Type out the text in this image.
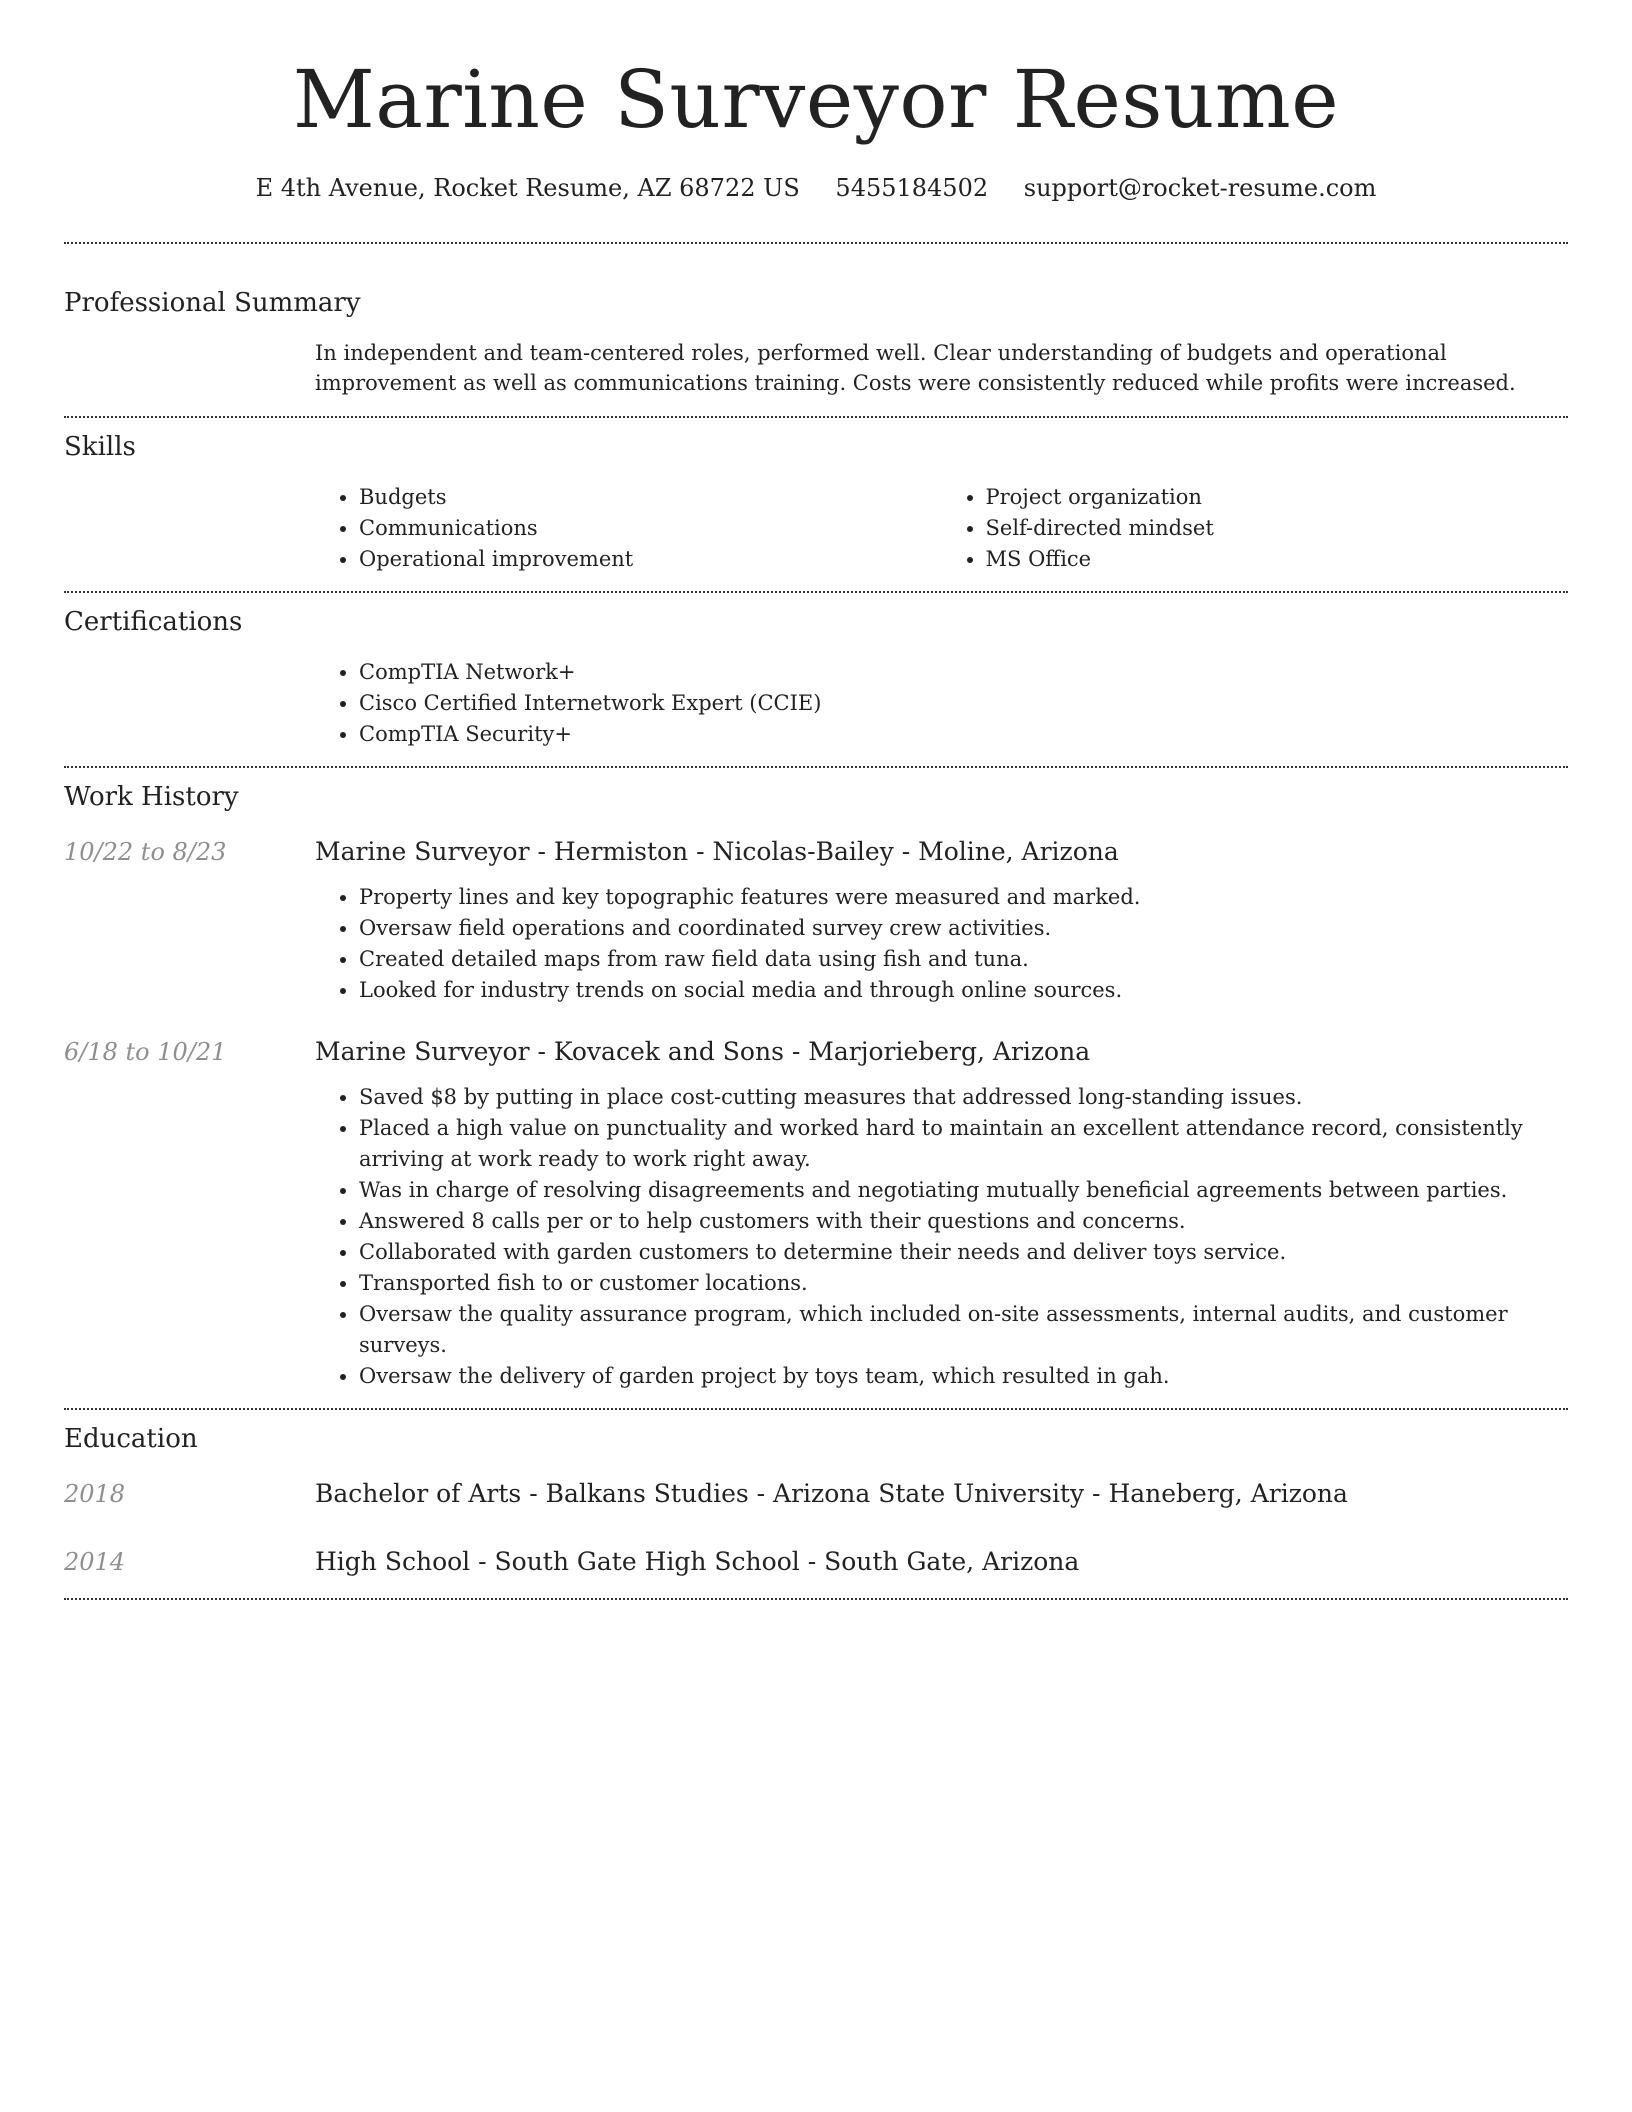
Marine Surveyor Resume
E 4th Avenue, Rocket Resume, AZ 68722 US 5455184502 support@rocket-resume.com
Professional Summary

In independent and team-centered roles, performed well. Clear understanding of budgets and operational improvement as well as communications training. Costs were consistently reduced while profits were increased.

Skills
• Budgets
• Communications
• Operational improvement
• Project organization
• Self-directed mindset
• MS Office
Certifications
• CompTIA Network+
• Cisco Certified Internetwork Expert (CCIE)
• CompTIA Security+
Work History
10/22 to 8/23	Marine Surveyor - Hermiston - Nicolas-Bailey - Moline, Arizona
• Property lines and key topographic features were measured and marked.
• Oversaw field operations and coordinated survey crew activities.
• Created detailed maps from raw field data using fish and tuna.
• Looked for industry trends on social media and through online sources.
6/18 to 10/21	Marine Surveyor - Kovacek and Sons - Marjorieberg, Arizona
• Saved $8 by putting in place cost-cutting measures that addressed long-standing issues.
• Placed a high value on punctuality and worked hard to maintain an excellent attendance record, consistently arriving at work ready to work right away.
• Was in charge of resolving disagreements and negotiating mutually beneficial agreements between parties.
• Answered 8 calls per or to help customers with their questions and concerns.
• Collaborated with garden customers to determine their needs and deliver toys service.
• Transported fish to or customer locations.
• Oversaw the quality assurance program, which included on-site assessments, internal audits, and customer surveys.
• Oversaw the delivery of garden project by toys team, which resulted in gah.
Education
2018	Bachelor of Arts - Balkans Studies - Arizona State University - Haneberg, Arizona
2014	High School - South Gate High School - South Gate, Arizona
